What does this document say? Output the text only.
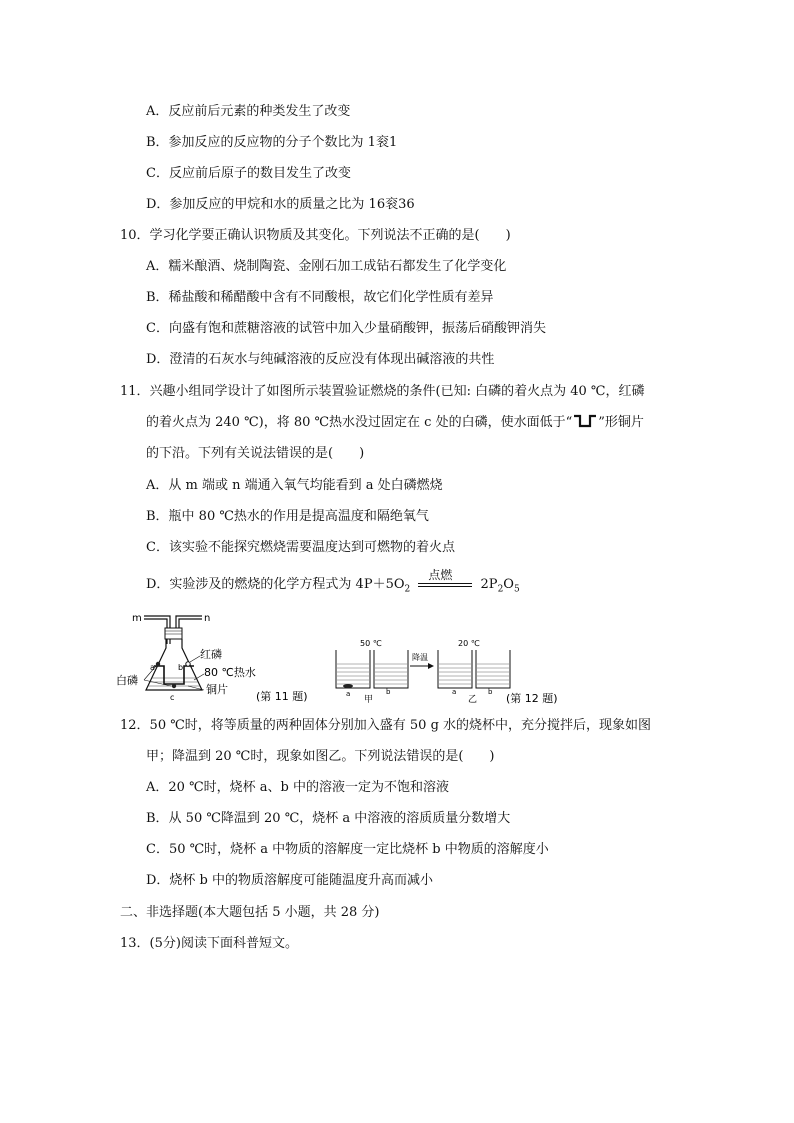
A．反应前后元素的种类发生了改变
B．参加反应的反应物的分子个数比为 1衮1
C．反应前后原子的数目发生了改变
D．参加反应的甲烷和水的质量之比为 16衮36
10．学习化学要正确认识物质及其变化。下列说法不正确的是(　　)
A．糯米酿酒、烧制陶瓷、金刚石加工成钻石都发生了化学变化
B．稀盐酸和稀醋酸中含有不同酸根，故它们化学性质有差异
C．向盛有饱和蔗糖溶液的试管中加入少量硝酸钾，振荡后硝酸钾消失
D．澄清的石灰水与纯碱溶液的反应没有体现出碱溶液的共性
11．兴趣小组同学设计了如图所示装置验证燃烧的条件(已知: 白磷的着火点为 40 ℃，红磷
的着火点为 240 ℃)，将 80 ℃热水没过固定在 c 处的白磷，使水面低于“ ”形铜片
的下沿。下列有关说法错误的是(　　)
A．从 m 端或 n 端通入氧气均能看到 a 处白磷燃烧
B．瓶中 80 ℃热水的作用是提高温度和隔绝氧气
C．该实验不能探究燃烧需要温度达到可燃物的着火点
D．实验涉及的燃烧的化学方程式为 $4P+5O_2$
点燃
$2P_2O_5$
m	n
a	b
c
红磷
80 ℃热水
铜片
白磷
(第 11 题)
50 ℃	20 ℃
a	b
甲
降温
a	b
乙	(第 12 题)
12．50 ℃时，将等质量的两种固体分别加入盛有 50 g 水的烧杯中，充分搅拌后，现象如图
甲；降温到 20 ℃时，现象如图乙。下列说法错误的是(　　)
A．20 ℃时，烧杯 a、b 中的溶液一定为不饱和溶液
B．从 50 ℃降温到 20 ℃，烧杯 a 中溶液的溶质质量分数增大
C．50 ℃时，烧杯 a 中物质的溶解度一定比烧杯 b 中物质的溶解度小
D．烧杯 b 中的物质溶解度可能随温度升高而减小
二、非选择题(本大题包括 5 小题，共 28 分)
13．(5分)阅读下面科普短文。
